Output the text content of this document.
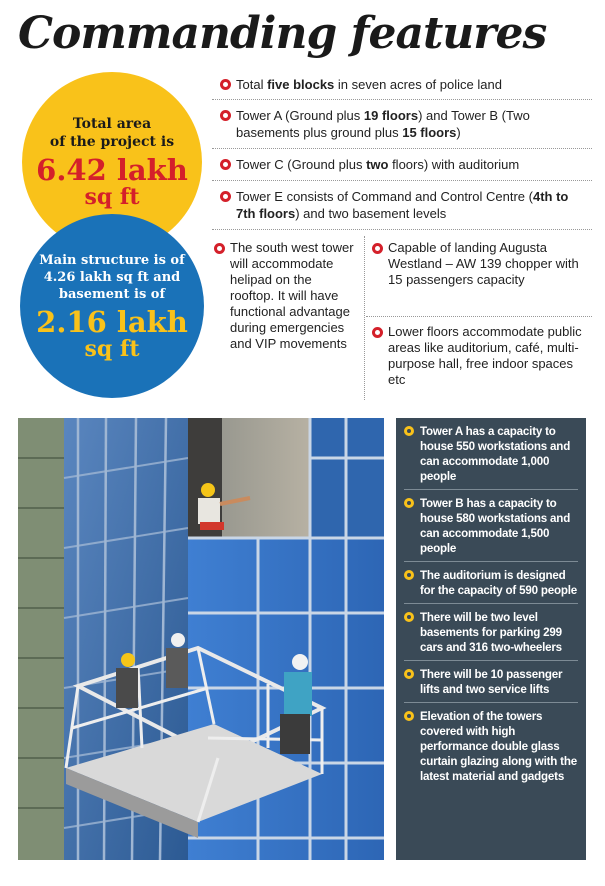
Commanding features
Total area
of the project is
6.42 lakh
sq ft
Main structure is of 4.26 lakh sq ft and basement is of
2.16 lakh
sq ft
Total five blocks in seven acres of police land
Tower A (Ground plus 19 floors) and Tower B (Two basements plus ground plus 15 floors)
Tower C (Ground plus two floors) with auditorium
Tower E consists of Command and Control Centre (4th to 7th floors) and two basement levels
The south west tower will accommodate helipad on the rooftop. It will have functional advantage during emergencies and VIP movements
Capable of landing Augusta Westland – AW 139 chopper with 15 passengers capacity
Lower floors accommodate public areas like auditorium, café, multi-purpose hall, free indoor spaces etc
Tower A has a capacity to house 550 workstations and can accommodate 1,000 people
Tower B has a capacity to house 580 workstations and can accommodate 1,500 people
The auditorium is designed for the capacity of 590 people
There will be two level basements for parking 299 cars and 316 two-wheelers
There will be 10 passenger lifts and two service lifts
Elevation of the towers covered with high performance double glass curtain glazing along with the latest material and gadgets
